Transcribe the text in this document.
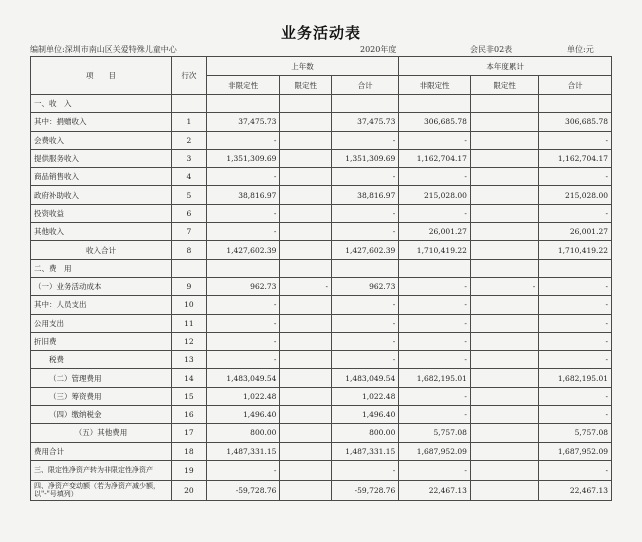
业务活动表
编制单位:深圳市南山区关爱特殊儿童中心	2020年度	会民非02表	单位:元
项　　目	行次	上年数			本年度累计		
		非限定性	限定性	合计	非限定性	限定性	合计
一、收　入							
其中：捐赠收入	1	37,475.73		37,475.73	306,685.78		306,685.78
会费收入	2	-		-	-		-
提供服务收入	3	1,351,309.69		1,351,309.69	1,162,704.17		1,162,704.17
商品销售收入	4	-		-	-		-
政府补助收入	5	38,816.97		38,816.97	215,028.00		215,028.00
投资收益	6	-		-	-		-
其他收入	7	-		-	26,001.27		26,001.27
收入合计	8	1,427,602.39		1,427,602.39	1,710,419.22		1,710,419.22
二、费　用							
（一）业务活动成本	9	962.73	-	962.73	-	-	-
其中：人员支出	10	-		-	-		-
公用支出	11	-		-	-		-
折旧费	12	-		-	-		-
税费	13	-		-	-		-
（二）管理费用	14	1,483,049.54		1,483,049.54	1,682,195.01		1,682,195.01
（三）筹资费用	15	1,022.48		1,022.48	-		-
（四）缴纳税金	16	1,496.40		1,496.40	-		-
（五）其他费用	17	800.00		800.00	5,757.08		5,757.08
费用合计	18	1,487,331.15		1,487,331.15	1,687,952.09		1,687,952.09
三、限定性净资产转为非限定性净资产	19	-		-	-		-
四、净资产变动额（若为净资产减少额，以"-"号填列）	20	-59,728.76		-59,728.76	22,467.13		22,467.13
